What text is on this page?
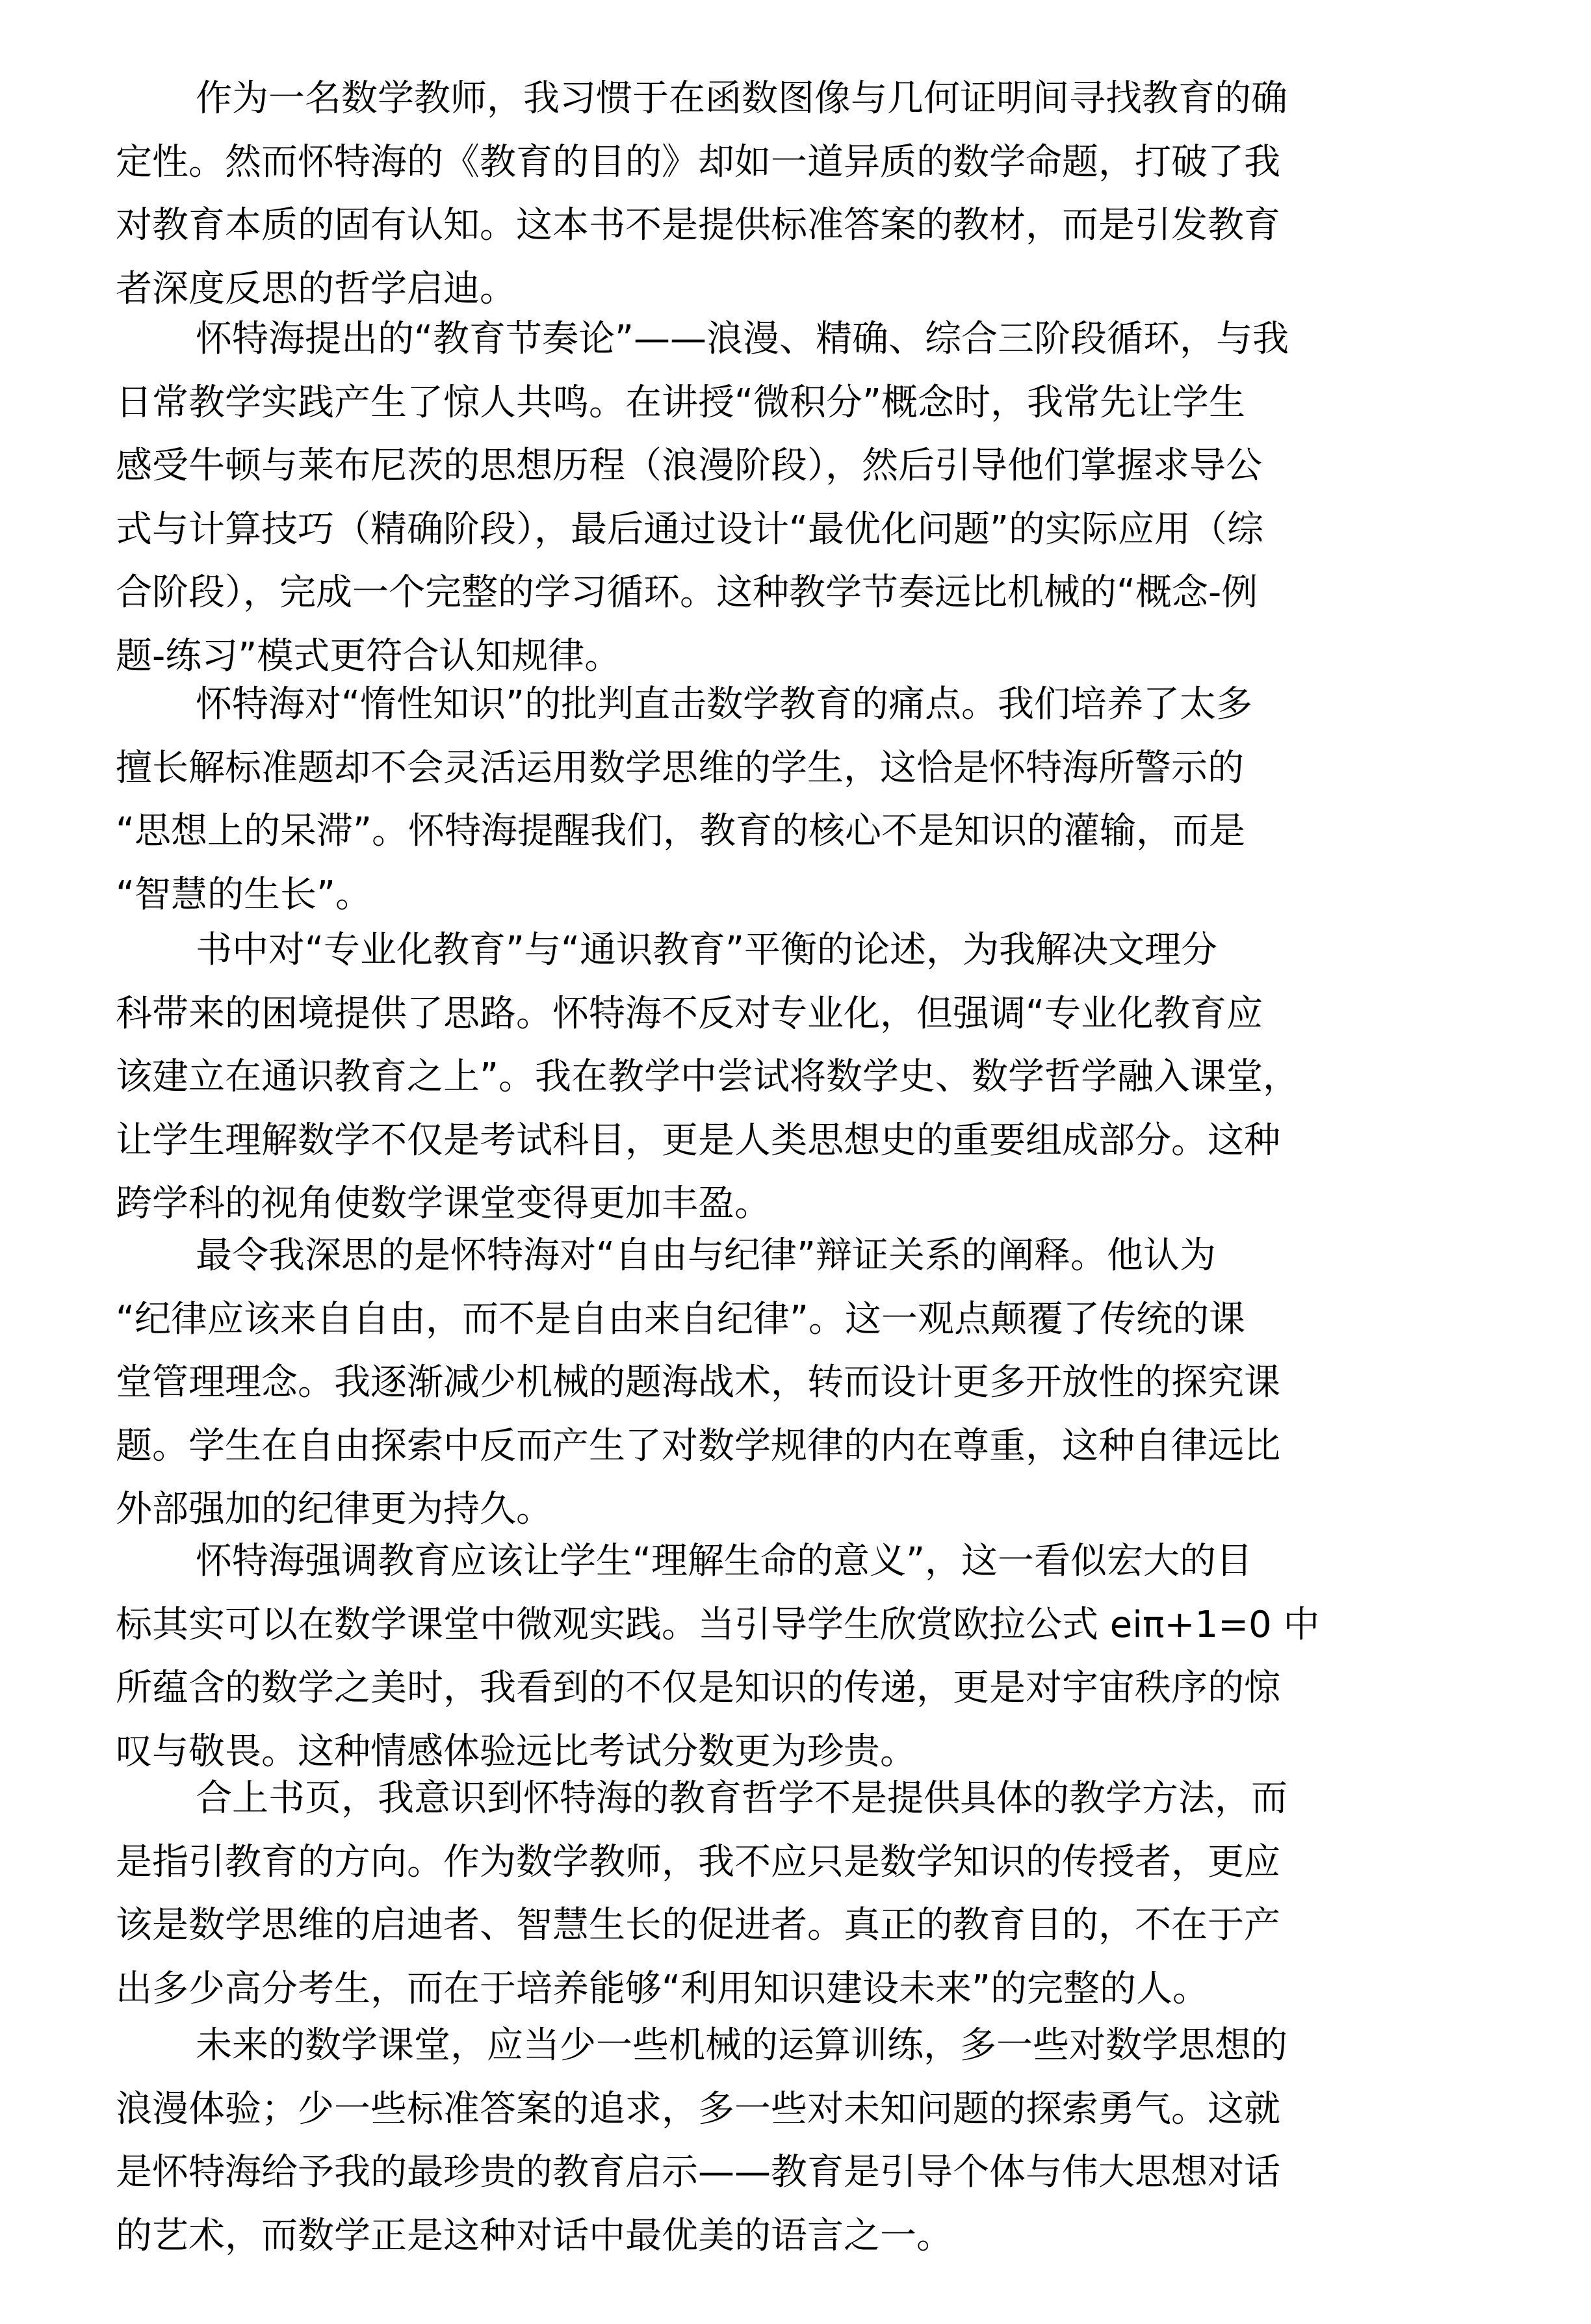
作为一名数学教师，我习惯于在函数图像与几何证明间寻找教育的确
定性。然而怀特海的《教育的目的》却如一道异质的数学命题，打破了我
对教育本质的固有认知。这本书不是提供标准答案的教材，而是引发教育
者深度反思的哲学启迪。
怀特海提出的“教育节奏论”——浪漫、精确、综合三阶段循环，与我
日常教学实践产生了惊人共鸣。在讲授“微积分”概念时，我常先让学生
感受牛顿与莱布尼茨的思想历程（浪漫阶段），然后引导他们掌握求导公
式与计算技巧（精确阶段），最后通过设计“最优化问题”的实际应用（综
合阶段），完成一个完整的学习循环。这种教学节奏远比机械的“概念-例
题-练习”模式更符合认知规律。
怀特海对“惰性知识”的批判直击数学教育的痛点。我们培养了太多
擅长解标准题却不会灵活运用数学思维的学生，这恰是怀特海所警示的
“思想上的呆滞”。怀特海提醒我们，教育的核心不是知识的灌输，而是
“智慧的生长”。
书中对“专业化教育”与“通识教育”平衡的论述，为我解决文理分
科带来的困境提供了思路。怀特海不反对专业化，但强调“专业化教育应
该建立在通识教育之上”。我在教学中尝试将数学史、数学哲学融入课堂，
让学生理解数学不仅是考试科目，更是人类思想史的重要组成部分。这种
跨学科的视角使数学课堂变得更加丰盈。
最令我深思的是怀特海对“自由与纪律”辩证关系的阐释。他认为
“纪律应该来自自由，而不是自由来自纪律”。这一观点颠覆了传统的课
堂管理理念。我逐渐减少机械的题海战术，转而设计更多开放性的探究课
题。学生在自由探索中反而产生了对数学规律的内在尊重，这种自律远比
外部强加的纪律更为持久。
怀特海强调教育应该让学生“理解生命的意义”，这一看似宏大的目
标其实可以在数学课堂中微观实践。当引导学生欣赏欧拉公式 eiπ+1=0 中
所蕴含的数学之美时，我看到的不仅是知识的传递，更是对宇宙秩序的惊
叹与敬畏。这种情感体验远比考试分数更为珍贵。
合上书页，我意识到怀特海的教育哲学不是提供具体的教学方法，而
是指引教育的方向。作为数学教师，我不应只是数学知识的传授者，更应
该是数学思维的启迪者、智慧生长的促进者。真正的教育目的，不在于产
出多少高分考生，而在于培养能够“利用知识建设未来”的完整的人。
未来的数学课堂，应当少一些机械的运算训练，多一些对数学思想的
浪漫体验；少一些标准答案的追求，多一些对未知问题的探索勇气。这就
是怀特海给予我的最珍贵的教育启示——教育是引导个体与伟大思想对话
的艺术，而数学正是这种对话中最优美的语言之一。
